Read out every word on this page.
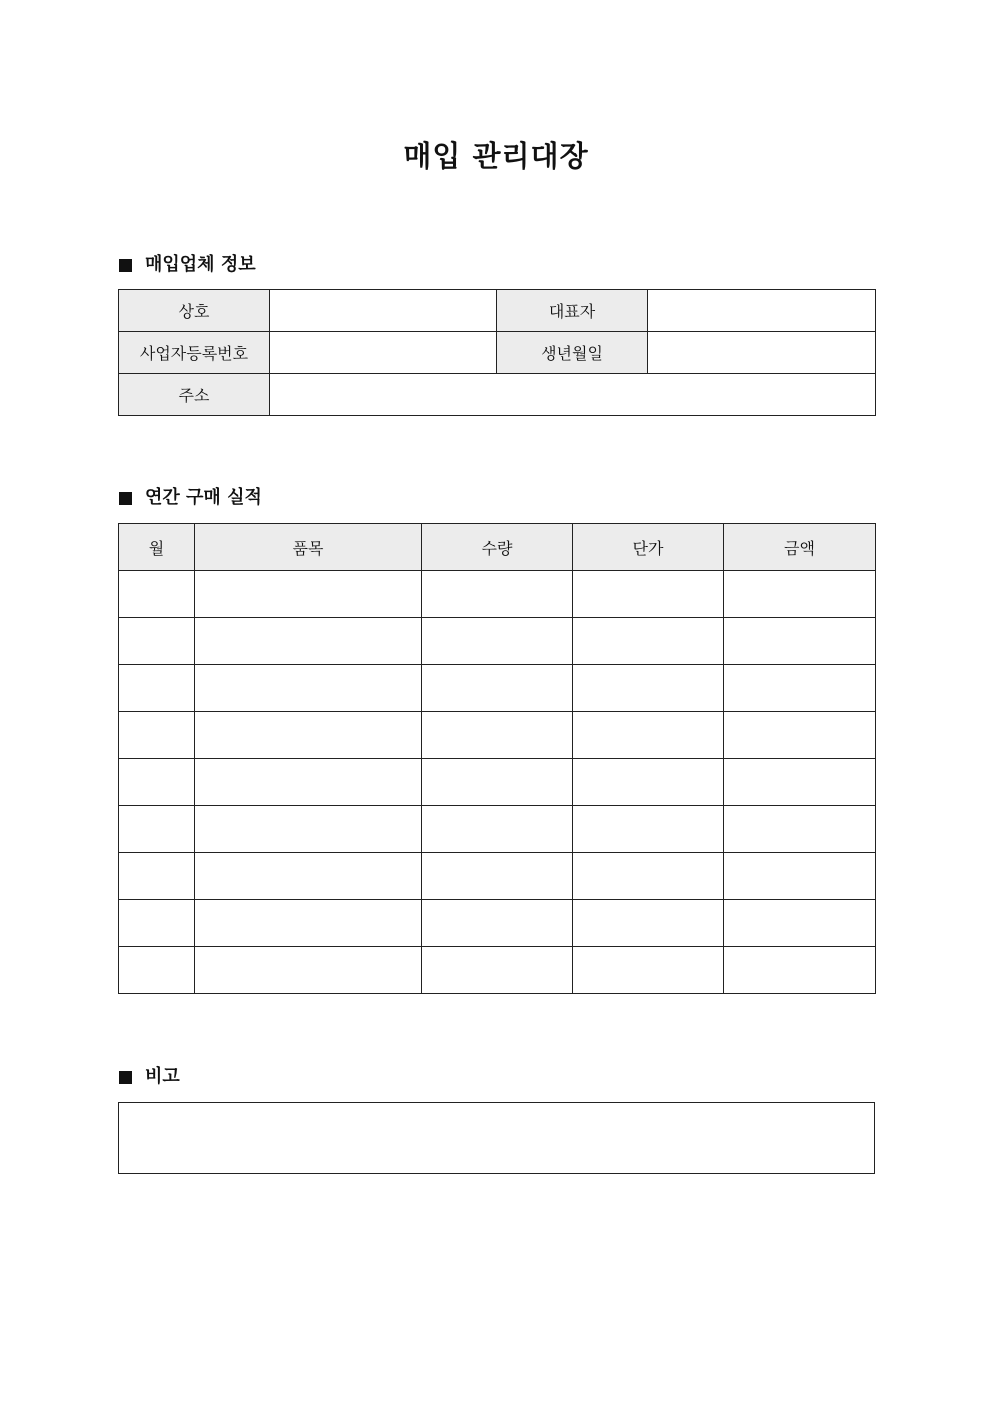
매입 관리대장
매입업체 정보
상호		대표자	
사업자등록번호		생년월일	
주소			
연간 구매 실적
월	품목	수량	단가	금액

비고
